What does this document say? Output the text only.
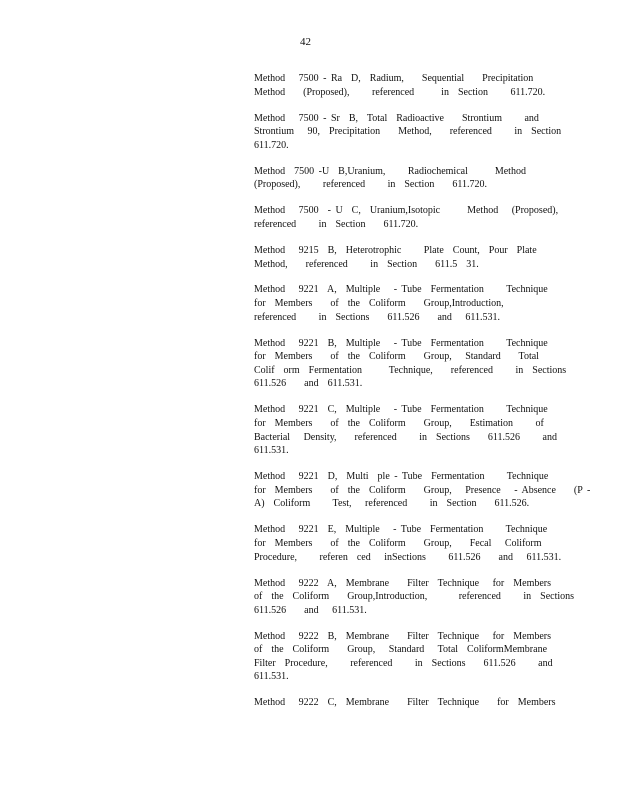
42
Method   7500 - Ra  D,  Radium,    Sequential    Precipitation
Method    (Proposed),     referenced      in  Section     611.720.
Method   7500 - Sr  B,  Total  Radioactive    Strontium     and
Strontium   90,  Precipitation    Method,    referenced     in  Section
611.720.
Method  7500 -U  B,Uranium,     Radiochemical      Method
(Proposed),     referenced     in  Section    611.720.
Method   7500  - U  C,  Uranium,Isotopic      Method   (Proposed),
referenced     in  Section    611.720.
Method   9215  B,  Heterotrophic     Plate  Count,  Pour  Plate
Method,    referenced     in  Section    611.5  31.
Method   9221  A,  Multiple   - Tube  Fermentation     Technique
for  Members    of  the  Coliform    Group,Introduction,
referenced     in  Sections    611.526    and   611.531.
Method   9221  B,  Multiple   - Tube  Fermentation     Technique
for  Members    of  the  Coliform    Group,   Standard    Total
Colif  orm  Fermentation      Technique,    referenced     in  Sections
611.526    and  611.531.
Method   9221  C,  Multiple   - Tube  Fermentation     Technique
for  Members    of  the  Coliform    Group,    Estimation     of
Bacterial   Density,    referenced     in  Sections    611.526     and
611.531.
Method   9221  D,  Multi  ple - Tube  Fermentation     Technique
for  Members    of  the  Coliform    Group,   Presence   - Absence    (P -
A)  Coliform     Test,   referenced     in  Section    611.526.
Method   9221  E,  Multiple   - Tube  Fermentation     Technique
for  Members    of  the  Coliform    Group,    Fecal   Coliform
Procedure,     referen  ced   inSections     611.526    and   611.531.
Method   9222  A,  Membrane    Filter  Technique   for  Members
of  the  Coliform    Group,Introduction,       referenced     in  Sections
611.526    and   611.531.
Method   9222  B,  Membrane    Filter  Technique   for  Members
of  the  Coliform    Group,   Standard   Total  ColiformMembrane
Filter  Procedure,     referenced     in  Sections    611.526     and
611.531.
Method   9222  C,  Membrane    Filter  Technique    for  Members
